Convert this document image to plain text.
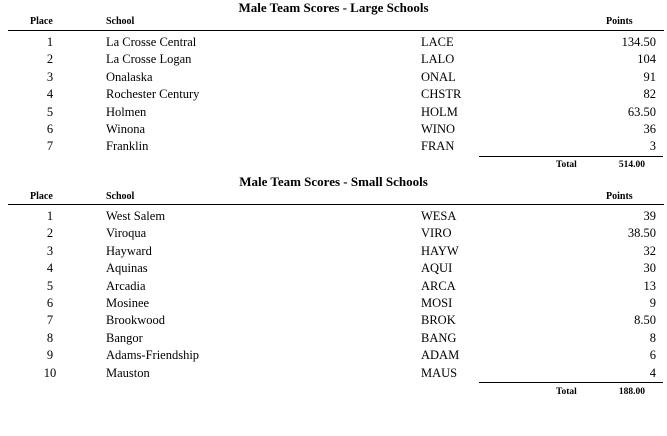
Male Team Scores - Large Schools
Place	School	Points
1	La Crosse Central	LACE	134.50
2	La Crosse Logan	LALO	104
3	Onalaska	ONAL	91
4	Rochester Century	CHSTR	82
5	Holmen	HOLM	63.50
6	Winona	WINO	36
7	Franklin	FRAN	3
Total	514.00
Male Team Scores - Small Schools
Place	School	Points
1	West Salem	WESA	39
2	Viroqua	VIRO	38.50
3	Hayward	HAYW	32
4	Aquinas	AQUI	30
5	Arcadia	ARCA	13
6	Mosinee	MOSI	9
7	Brookwood	BROK	8.50
8	Bangor	BANG	8
9	Adams-Friendship	ADAM	6
10	Mauston	MAUS	4
Total	188.00
